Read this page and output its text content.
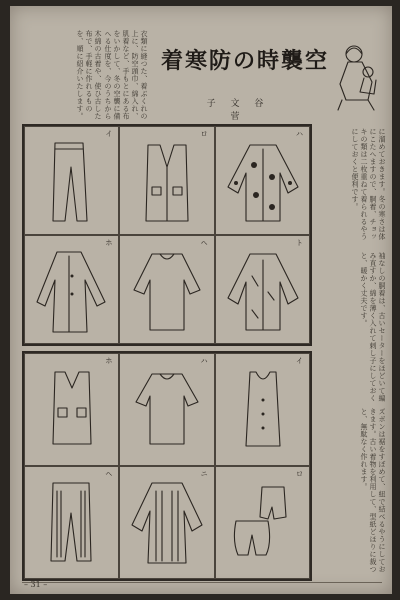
衣類に縫つた、着ぶくれの上に、防空頭巾、綿入れ、肌着など、手もとにある布をいかして、冬の空襲に備へる仕度を、今のうちから
木綿の古着や、使ひ古した布で、手軽に作れるものを、順に紹介いたします。	着寒防の時襲空
子 文 谷 菅
に溜めておきます。冬の寒さは体にこたへますので、胴着、チョッキの類は二枚重ねて着られるやうにしておくと便利です。
袖なしの胴着は、古いセーターをほどいて編み直すか、綿を薄く入れて刺し子にしておくと、暖かく丈夫です。
ズボンは裾をすぼめて、紐で結べるやうにしておきます。古い着物を利用して、型紙どほりに裁つと、無駄なく作れます。
イ	ロ	ハ
ホ	ヘ	ト
ホ	ハ	イ
ヘ	ニ	ロ
– 31 –
